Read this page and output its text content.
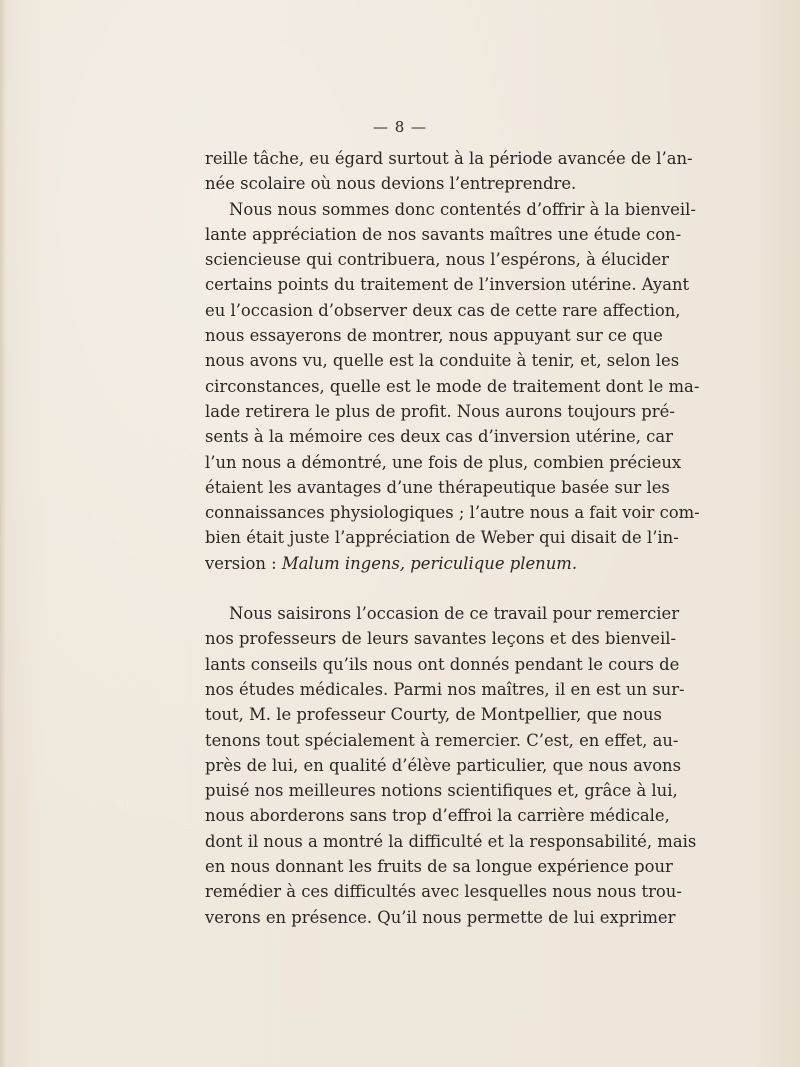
— 8 —
reille tâche, eu égard surtout à la période avancée de l’an-
née scolaire où nous devions l’entreprendre.
Nous nous sommes donc contentés d’offrir à la bienveil-
lante appréciation de nos savants maîtres une étude con-
sciencieuse qui contribuera, nous l’espérons, à élucider
certains points du traitement de l’inversion utérine. Ayant
eu l’occasion d’observer deux cas de cette rare affection,
nous essayerons de montrer, nous appuyant sur ce que
nous avons vu, quelle est la conduite à tenir, et, selon les
circonstances, quelle est le mode de traitement dont le ma-
lade retirera le plus de profit. Nous aurons toujours pré-
sents à la mémoire ces deux cas d’inversion utérine, car
l’un nous a démontré, une fois de plus, combien précieux
étaient les avantages d’une thérapeutique basée sur les
connaissances physiologiques ; l’autre nous a fait voir com-
bien était juste l’appréciation de Weber qui disait de l’in-
version : Malum ingens, periculique plenum.
Nous saisirons l’occasion de ce travail pour remercier
nos professeurs de leurs savantes leçons et des bienveil-
lants conseils qu’ils nous ont donnés pendant le cours de
nos études médicales. Parmi nos maîtres, il en est un sur-
tout, M. le professeur Courty, de Montpellier, que nous
tenons tout spécialement à remercier. C’est, en effet, au-
près de lui, en qualité d’élève particulier, que nous avons
puisé nos meilleures notions scientifiques et, grâce à lui,
nous aborderons sans trop d’effroi la carrière médicale,
dont il nous a montré la difficulté et la responsabilité, mais
en nous donnant les fruits de sa longue expérience pour
remédier à ces difficultés avec lesquelles nous nous trou-
verons en présence. Qu’il nous permette de lui exprimer
